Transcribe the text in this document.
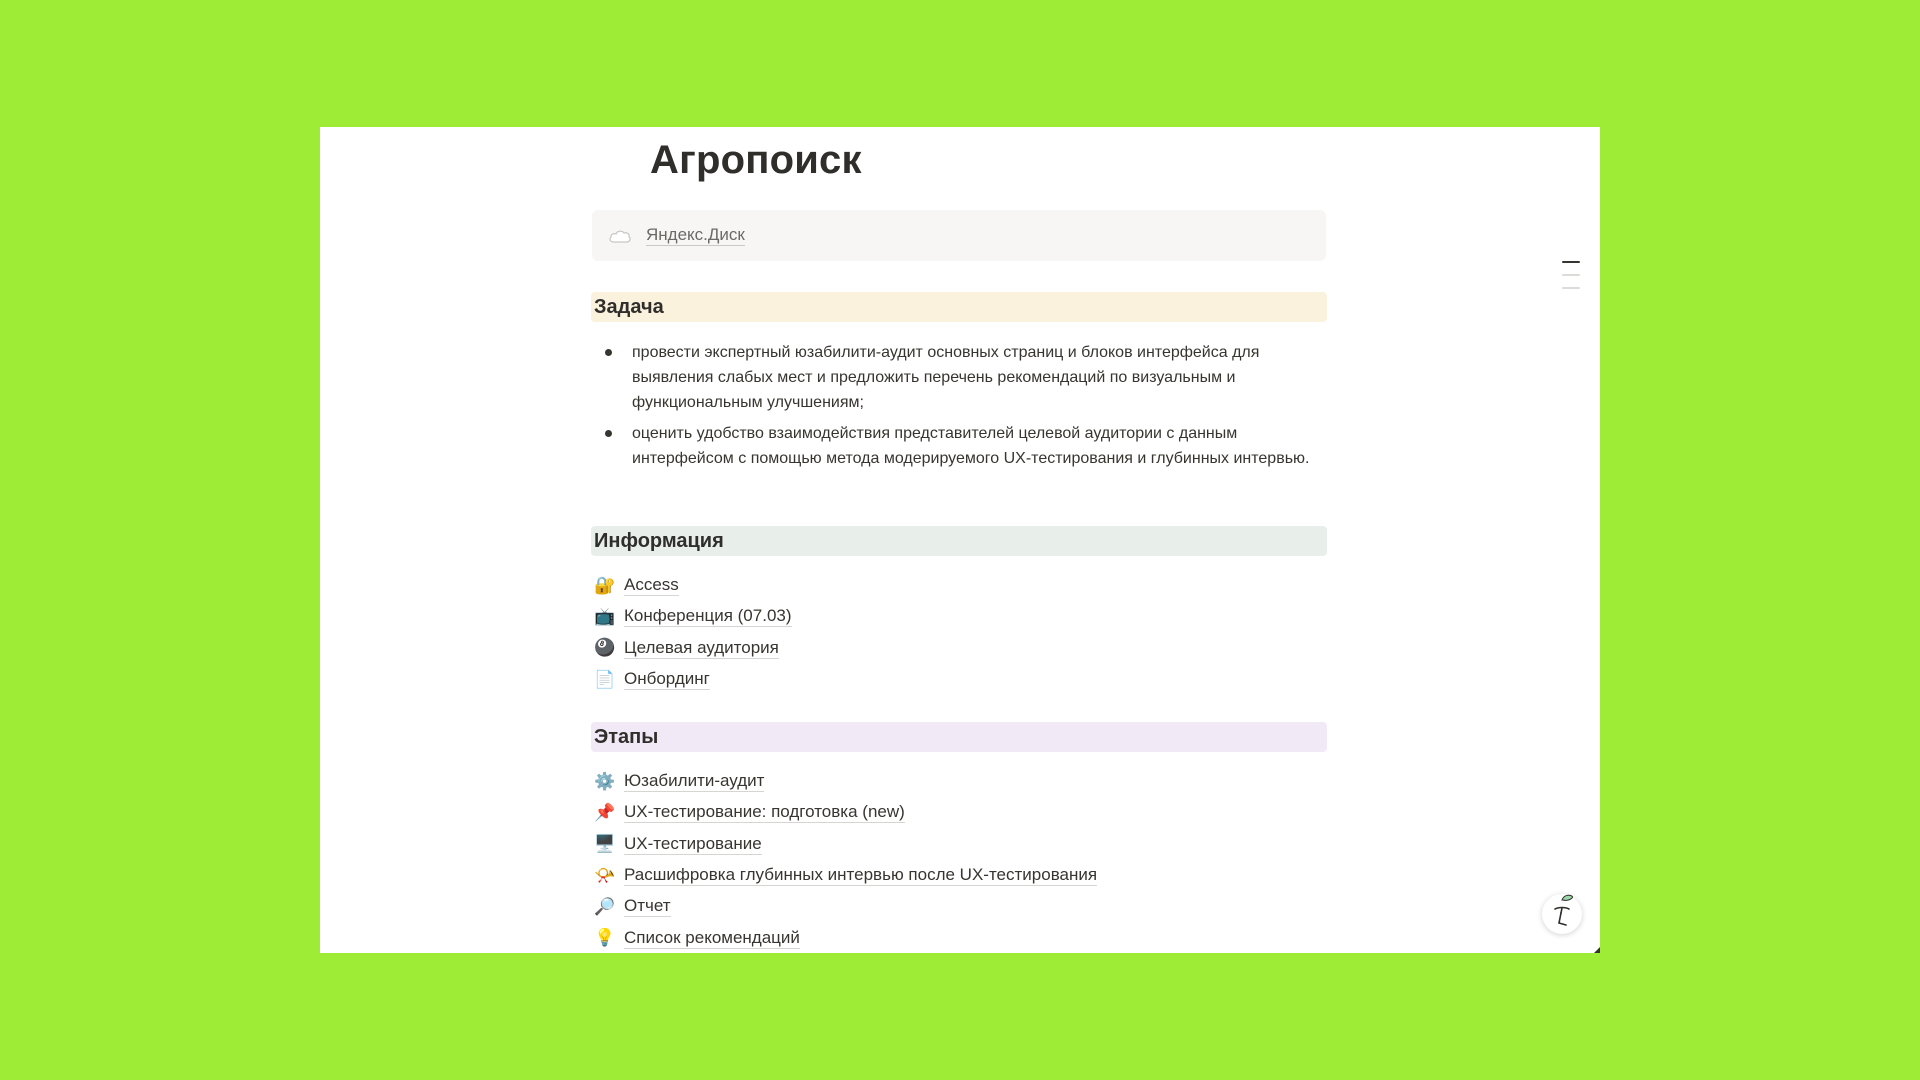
Агропоиск
Яндекс.Диск
Задача
провести экспертный юзабилити-аудит основных страниц и блоков интерфейса для выявления слабых мест и предложить перечень рекомендаций по визуальным и функциональным улучшениям;
оценить удобство взаимодействия представителей целевой аудитории с данным интерфейсом с помощью метода модерируемого UX-тестирования и глубинных интервью.
Информация
🔐 Access
📺 Конференция (07.03)
🎱 Целевая аудитория
📄 Онбординг
Этапы
⚙️ Юзабилити-аудит
📌 UX-тестирование: подготовка (new)
🖥️ UX-тестирование
📯 Расшифровка глубинных интервью после UX-тестирования
🔎 Отчет
💡 Список рекомендаций
